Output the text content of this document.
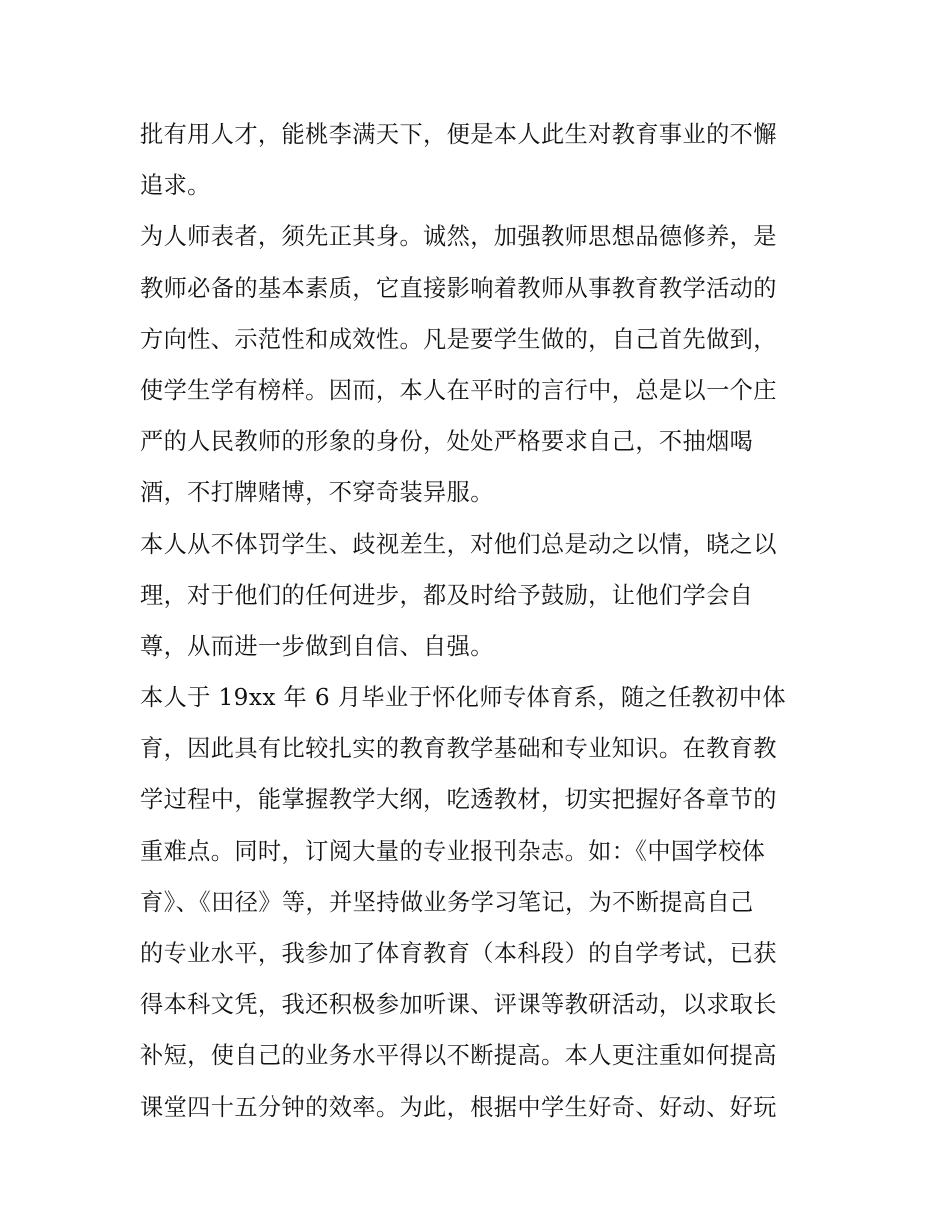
批有用人才，能桃李满天下，便是本人此生对教育事业的不懈
追求。
为人师表者，须先正其身。诚然，加强教师思想品德修养，是
教师必备的基本素质，它直接影响着教师从事教育教学活动的
方向性、示范性和成效性。凡是要学生做的，自己首先做到，
使学生学有榜样。因而，本人在平时的言行中，总是以一个庄
严的人民教师的形象的身份，处处严格要求自己，不抽烟喝
酒，不打牌赌博，不穿奇装异服。
本人从不体罚学生、歧视差生，对他们总是动之以情，晓之以
理，对于他们的任何进步，都及时给予鼓励，让他们学会自
尊，从而进一步做到自信、自强。
本人于 19xx 年 6 月毕业于怀化师专体育系，随之任教初中体
育，因此具有比较扎实的教育教学基础和专业知识。在教育教
学过程中，能掌握教学大纲，吃透教材，切实把握好各章节的
重难点。同时，订阅大量的专业报刊杂志。如：《中国学校体
育》、《田径》等，并坚持做业务学习笔记，为不断提高自己
的专业水平，我参加了体育教育（本科段）的自学考试，已获
得本科文凭，我还积极参加听课、评课等教研活动，以求取长
补短，使自己的业务水平得以不断提高。本人更注重如何提高
课堂四十五分钟的效率。为此，根据中学生好奇、好动、好玩
